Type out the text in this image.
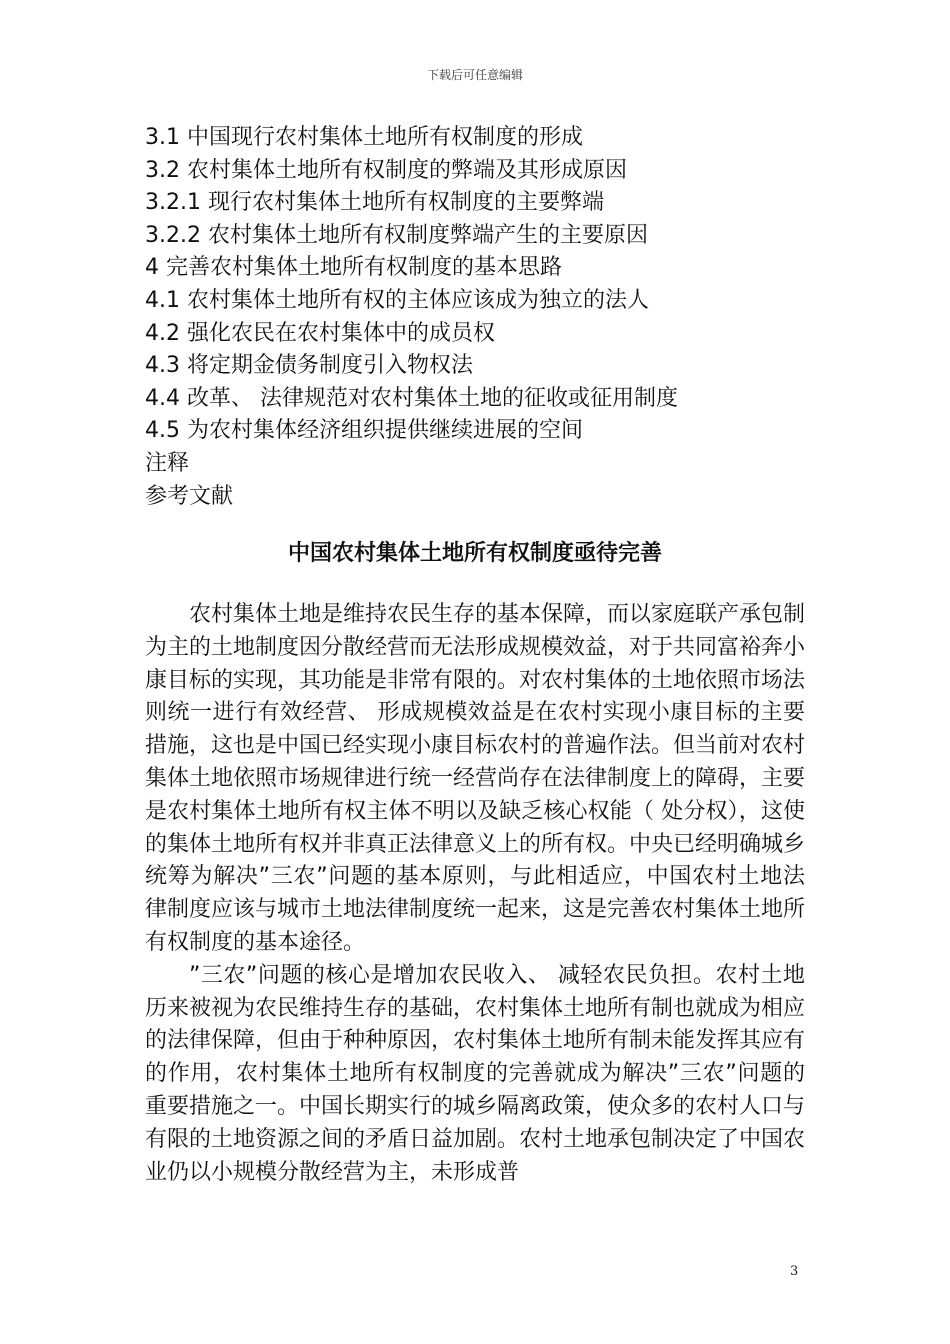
下载后可任意编辑
3.1 中国现行农村集体土地所有权制度的形成
3.2 农村集体土地所有权制度的弊端及其形成原因
3.2.1 现行农村集体土地所有权制度的主要弊端
3.2.2 农村集体土地所有权制度弊端产生的主要原因
4 完善农村集体土地所有权制度的基本思路
4.1 农村集体土地所有权的主体应该成为独立的法人
4.2 强化农民在农村集体中的成员权
4.3 将定期金债务制度引入物权法
4.4 改革、 法律规范对农村集体土地的征收或征用制度
4.5 为农村集体经济组织提供继续进展的空间
注释
参考文献
中国农村集体土地所有权制度亟待完善

农村集体土地是维持农民生存的基本保障，而以家庭联产承包制为主的土地制度因分散经营而无法形成规模效益，对于共同富裕奔小康目标的实现，其功能是非常有限的。对农村集体的土地依照市场法则统一进行有效经营、 形成规模效益是在农村实现小康目标的主要措施，这也是中国已经实现小康目标农村的普遍作法。但当前对农村集体土地依照市场规律进行统一经营尚存在法律制度上的障碍，主要是农村集体土地所有权主体不明以及缺乏核心权能（ 处分权），这使的集体土地所有权并非真正法律意义上的所有权。中央已经明确城乡统筹为解决”三农”问题的基本原则，与此相适应，中国农村土地法律制度应该与城市土地法律制度统一起来，这是完善农村集体土地所有权制度的基本途径。

”三农”问题的核心是增加农民收入、 减轻农民负担。农村土地历来被视为农民维持生存的基础，农村集体土地所有制也就成为相应的法律保障，但由于种种原因，农村集体土地所有制未能发挥其应有的作用，农村集体土地所有权制度的完善就成为解决”三农”问题的重要措施之一。中国长期实行的城乡隔离政策，使众多的农村人口与有限的土地资源之间的矛盾日益加剧。农村土地承包制决定了中国农业仍以小规模分散经营为主，未形成普

3
